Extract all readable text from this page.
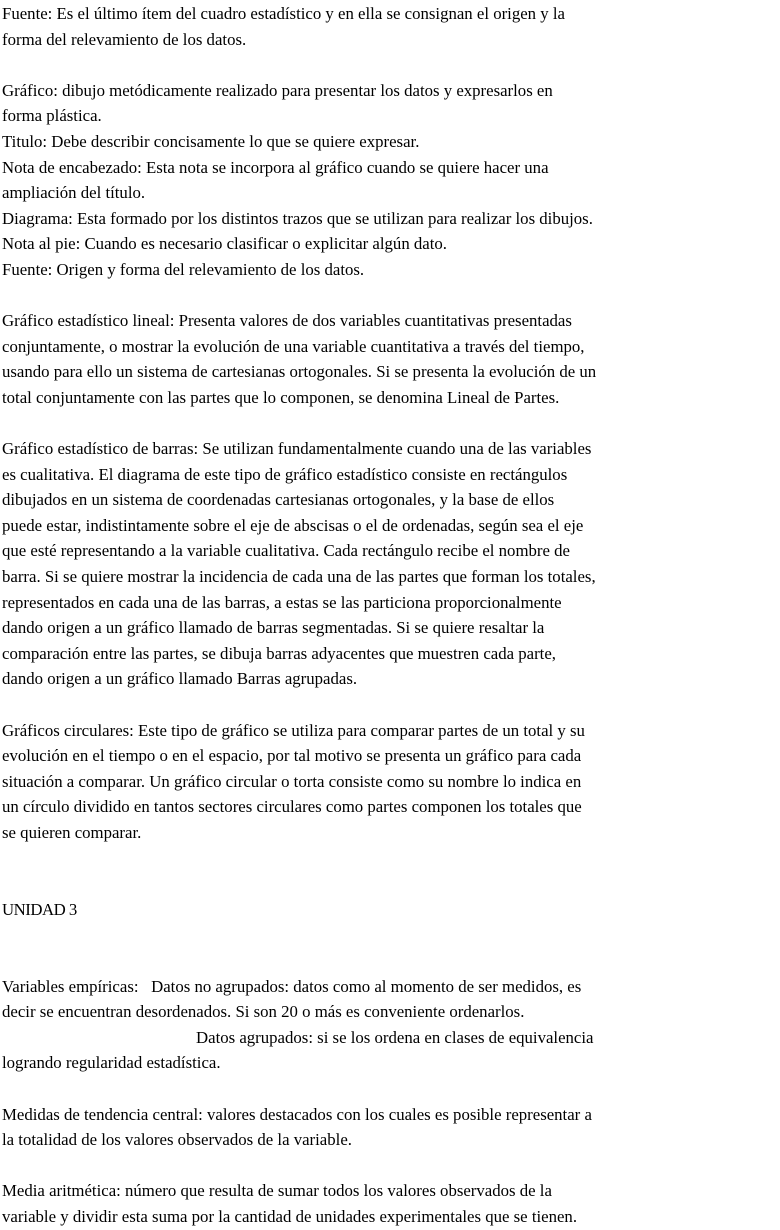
Fuente: Es el último ítem del cuadro estadístico y en ella se consignan el origen y la

forma del relevamiento de los datos.

Gráfico: dibujo metódicamente realizado para presentar los datos y expresarlos en

forma plástica.

Titulo: Debe describir concisamente lo que se quiere expresar.

Nota de encabezado: Esta nota se incorpora al gráfico cuando se quiere hacer una

ampliación del título.

Diagrama: Esta formado por los distintos trazos que se utilizan para realizar los dibujos.

Nota al pie: Cuando es necesario clasificar o explicitar algún dato.

Fuente: Origen y forma del relevamiento de los datos.

Gráfico estadístico lineal: Presenta valores de dos variables cuantitativas presentadas

conjuntamente, o mostrar la evolución de una variable cuantitativa a través del tiempo,

usando para ello un sistema de cartesianas ortogonales. Si se presenta la evolución de un

total conjuntamente con las partes que lo componen, se denomina Lineal de Partes.

Gráfico estadístico de barras: Se utilizan fundamentalmente cuando una de las variables

es cualitativa. El diagrama de este tipo de gráfico estadístico consiste en rectángulos

dibujados en un sistema de coordenadas cartesianas ortogonales, y la base de ellos

puede estar, indistintamente sobre el eje de abscisas o el de ordenadas, según sea el eje

que esté representando a la variable cualitativa. Cada rectángulo recibe el nombre de

barra. Si se quiere mostrar la incidencia de cada una de las partes que forman los totales,

representados en cada una de las barras, a estas se las particiona proporcionalmente

dando origen a un gráfico llamado de barras segmentadas. Si se quiere resaltar la

comparación entre las partes, se dibuja barras adyacentes que muestren cada parte,

dando origen a un gráfico llamado Barras agrupadas.

Gráficos circulares: Este tipo de gráfico se utiliza para comparar partes de un total y su

evolución en el tiempo o en el espacio, por tal motivo se presenta un gráfico para cada

situación a comparar. Un gráfico circular o torta consiste como su nombre lo indica en

un círculo dividido en tantos sectores circulares como partes componen los totales que

se quieren comparar.

UNIDAD 3

Variables empíricas:   Datos no agrupados: datos como al momento de ser medidos, es

decir se encuentran desordenados. Si son 20 o más es conveniente ordenarlos.

Datos agrupados: si se los ordena en clases de equivalencia

logrando regularidad estadística.

Medidas de tendencia central: valores destacados con los cuales es posible representar a

la totalidad de los valores observados de la variable.

Media aritmética: número que resulta de sumar todos los valores observados de la

variable y dividir esta suma por la cantidad de unidades experimentales que se tienen.
